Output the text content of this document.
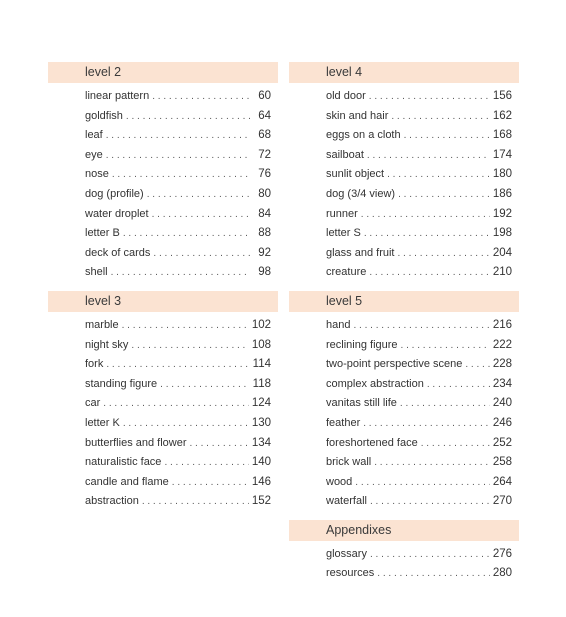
level 2
linear pattern . . .	60
goldfish . . .	64
leaf . . .	68
eye . . .	72
nose . . .	76
dog (profile) . . .	80
water droplet . . .	84
letter B . . .	88
deck of cards . . .	92
shell . . .	98
level 3
marble . . .	102
night sky . . .	108
fork . . .	114
standing figure . . .	118
car . . .	124
letter K . . .	130
butterflies and flower . . .	134
naturalistic face . . .	140
candle and flame . . .	146
abstraction . . .	152
level 4
old door . . .	156
skin and hair . . .	162
eggs on a cloth . . .	168
sailboat . . .	174
sunlit object . . .	180
dog (3/4 view) . . .	186
runner . . .	192
letter S . . .	198
glass and fruit . . .	204
creature . . .	210
level 5
hand . . .	216
reclining figure . . .	222
two-point perspective scene . . .	228
complex abstraction . . .	234
vanitas still life . . .	240
feather . . .	246
foreshortened face . . .	252
brick wall . . .	258
wood . . .	264
waterfall . . .	270
Appendixes
glossary . . .	276
resources . . .	280
